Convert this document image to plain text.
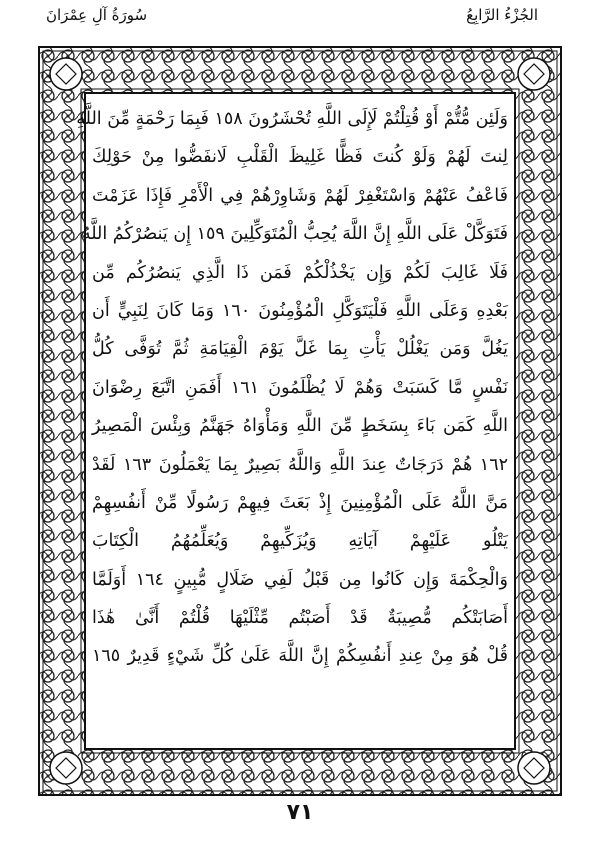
الجُزْءُ الرَّابِعُ
سُورَةُ آلِ عِمْرَانَ
وَلَئِن مُّتُّمْ أَوْ قُتِلْتُمْ لَإِلَى اللَّهِ تُحْشَرُونَ ١٥٨ فَبِمَا رَحْمَةٍ مِّنَ اللَّهِ
لِنتَ لَهُمْ وَلَوْ كُنتَ فَظًّا غَلِيظَ الْقَلْبِ لَانفَضُّوا مِنْ حَوْلِكَ
فَاعْفُ عَنْهُمْ وَاسْتَغْفِرْ لَهُمْ وَشَاوِرْهُمْ فِي الْأَمْرِ فَإِذَا عَزَمْتَ
فَتَوَكَّلْ عَلَى اللَّهِ إِنَّ اللَّهَ يُحِبُّ الْمُتَوَكِّلِينَ ١٥٩ إِن يَنصُرْكُمُ اللَّهُ
فَلَا غَالِبَ لَكُمْ وَإِن يَخْذُلْكُمْ فَمَن ذَا الَّذِي يَنصُرُكُم مِّن
بَعْدِهِ وَعَلَى اللَّهِ فَلْيَتَوَكَّلِ الْمُؤْمِنُونَ ١٦٠ وَمَا كَانَ لِنَبِيٍّ أَن
يَغُلَّ وَمَن يَغْلُلْ يَأْتِ بِمَا غَلَّ يَوْمَ الْقِيَامَةِ ثُمَّ تُوَفَّى كُلُّ
نَفْسٍ مَّا كَسَبَتْ وَهُمْ لَا يُظْلَمُونَ ١٦١ أَفَمَنِ اتَّبَعَ رِضْوَانَ
اللَّهِ كَمَن بَاءَ بِسَخَطٍ مِّنَ اللَّهِ وَمَأْوَاهُ جَهَنَّمُ وَبِئْسَ الْمَصِيرُ
١٦٢ هُمْ دَرَجَاتٌ عِندَ اللَّهِ وَاللَّهُ بَصِيرٌ بِمَا يَعْمَلُونَ ١٦٣ لَقَدْ
مَنَّ اللَّهُ عَلَى الْمُؤْمِنِينَ إِذْ بَعَثَ فِيهِمْ رَسُولًا مِّنْ أَنفُسِهِمْ
يَتْلُو عَلَيْهِمْ آيَاتِهِ وَيُزَكِّيهِمْ وَيُعَلِّمُهُمُ الْكِتَابَ
وَالْحِكْمَةَ وَإِن كَانُوا مِن قَبْلُ لَفِي ضَلَالٍ مُّبِينٍ ١٦٤ أَوَلَمَّا
أَصَابَتْكُم مُّصِيبَةٌ قَدْ أَصَبْتُم مِّثْلَيْهَا قُلْتُمْ أَنَّىٰ هَٰذَا
قُلْ هُوَ مِنْ عِندِ أَنفُسِكُمْ إِنَّ اللَّهَ عَلَىٰ كُلِّ شَيْءٍ قَدِيرٌ ١٦٥
٧١
